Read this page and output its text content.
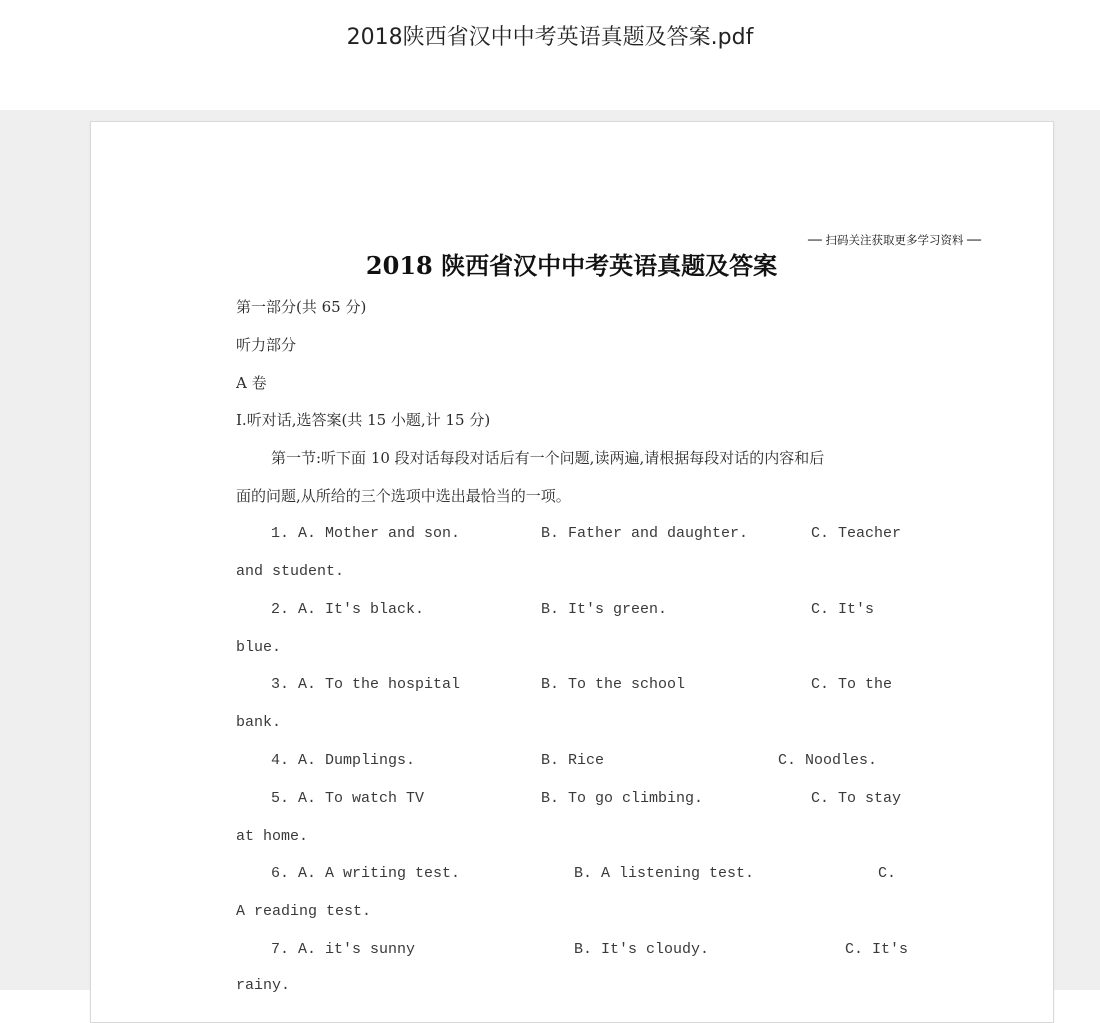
2018陕西省汉中中考英语真题及答案.pdf
── 扫码关注获取更多学习资料 ──
2018 陕西省汉中中考英语真题及答案
第一部分(共 65 分)
听力部分
A 卷
I.听对话,选答案(共 15 小题,计 15 分)
第一节:听下面 10 段对话每段对话后有一个问题,读两遍,请根据每段对话的内容和后
面的问题,从所给的三个选项中选出最恰当的一项。
1. A. Mother and son.	B. Father and daughter.	C. Teacher
and student.
2. A. It's black.	B. It's green.	C. It's
blue.
3. A. To the hospital	B. To the school	C. To the
bank.
4. A. Dumplings.	B. Rice	C. Noodles.
5. A. To watch TV	B. To go climbing.	C. To stay
at home.
6. A. A writing test.	B. A listening test.	C.
A reading test.
7. A. it's sunny	B. It's cloudy.	C. It's
rainy.
